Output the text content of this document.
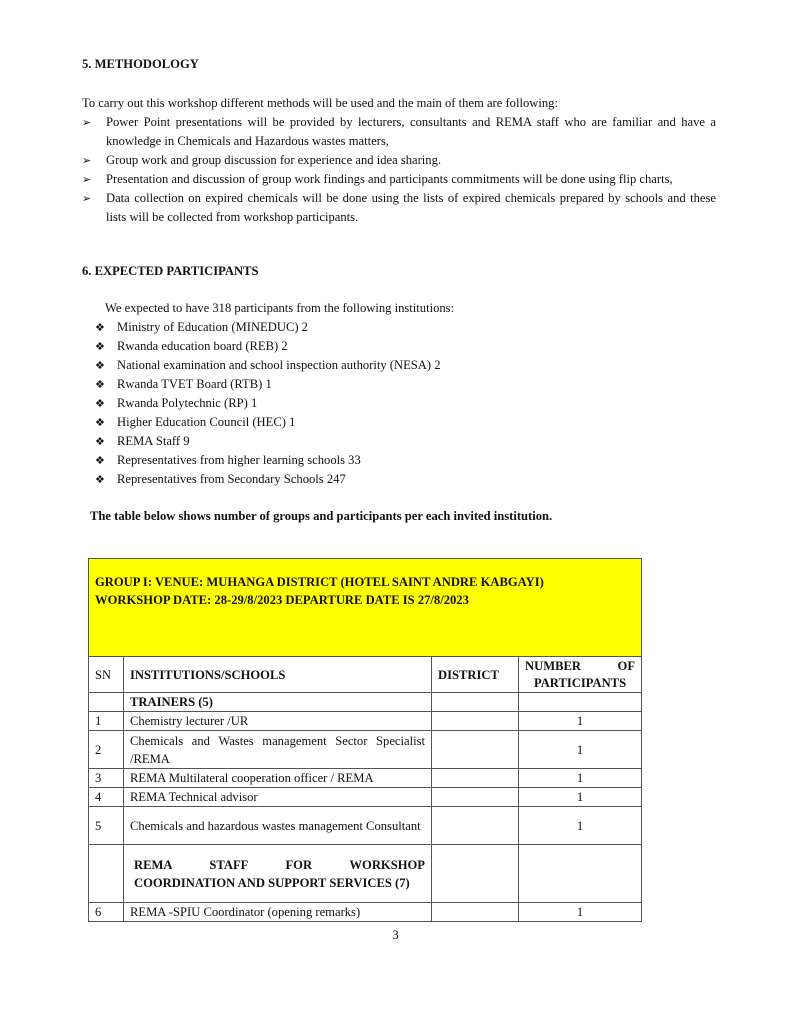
5. METHODOLOGY
To carry out this workshop different methods will be used and the main of them are following:
➢ Power Point presentations will be provided by lecturers, consultants and REMA staff who are familiar and have a knowledge in Chemicals and Hazardous wastes matters,
➢ Group work and group discussion for experience and idea sharing.
➢ Presentation and discussion of group work findings and participants commitments will be done using flip charts,
➢ Data collection on expired chemicals will be done using the lists of expired chemicals prepared by schools and these lists will be collected from workshop participants.
6. EXPECTED PARTICIPANTS
We expected to have 318 participants from the following institutions:
❖ Ministry of Education (MINEDUC) 2
❖ Rwanda education board (REB) 2
❖ National examination and school inspection authority (NESA) 2
❖ Rwanda TVET Board (RTB) 1
❖ Rwanda Polytechnic (RP) 1
❖ Higher Education Council (HEC) 1
❖ REMA Staff 9
❖ Representatives from higher learning schools 33
❖ Representatives from Secondary Schools 247
The table below shows number of groups and participants per each invited institution.
GROUP I: VENUE: MUHANGA DISTRICT (HOTEL SAINT ANDRE KABGAYI)
WORKSHOP DATE: 28-29/8/2023 DEPARTURE DATE IS 27/8/2023			

SN	INSTITUTIONS/SCHOOLS	DISTRICT	NUMBER OF
PARTICIPANTS

	TRAINERS (5)		
1	Chemistry lecturer /UR		1
2	Chemicals and Wastes management Sector Specialist /REMA		1
3	REMA Multilateral cooperation officer / REMA		1
4	REMA Technical advisor		1
5	Chemicals and hazardous wastes management Consultant		1
	REMA STAFF FOR WORKSHOP COORDINATION AND SUPPORT SERVICES (7)		
6	REMA -SPIU Coordinator (opening remarks)		1
3
